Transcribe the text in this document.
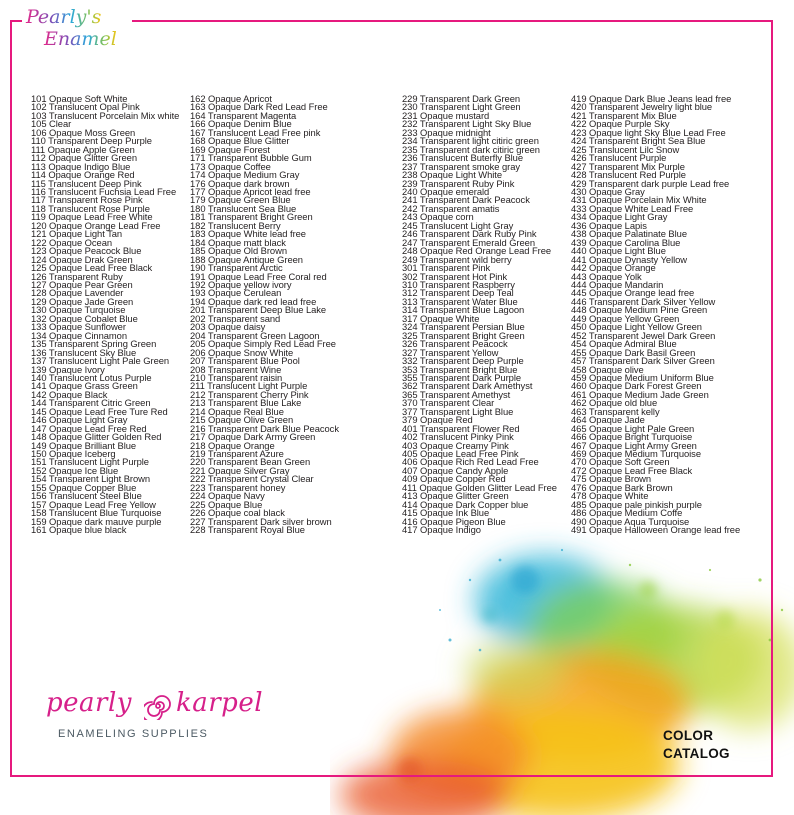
Pearly's
Enamel
101 Opaque Soft White
102 Translucent Opal Pink
103 Translucent Porcelain Mix white
105 Clear
106 Opaque Moss Green
110 Transparent Deep Purple
111 Opaque Apple Green
112 Opaque Glitter Green
113 Opaque Indigo Blue
114 Opaque Orange Red
115 Translucent Deep Pink
116 Translucent Fuchsia Lead Free
117 Transparent Rose Pink
118 Translucent Rose Purple
119 Opaque Lead Free White
120 Opaque Orange Lead Free
121 Opaque Light Tan
122 Opaque Ocean
123 Opaque Peacock Blue
124 Opaque Drak Green
125 Opaque Lead Free Black
126 Transparent Ruby
127 Opaque Pear Green
128 Opaque Lavender
129 Opaque Jade Green
130 Opaque Turquoise
132 Opaque Cobalet Blue
133 Opaque Sunflower
134 Opaque Cinnamon
135 Transparent Spring Green
136 Translucent Sky Blue
137 Translucent Light Pale Green
139 Opaque Ivory
140 Translucent Lotus Purple
141 Opaque Grass Green
142 Opaque Black
144 Transparent Citric Green
145 Opaque Lead Free Ture Red
146 Opaque Light Gray
147 Opaque Lead Free Red
148 Opaque Glitter Golden Red
149 Opaque Brilliant Blue
150 Opaque Iceberg
151 Translucent Light Purple
152 Opaque Ice Blue
154 Transparent Light Brown
155 Opaque Copper Blue
156 Translucent Steel Blue
157 Opaque Lead Free Yellow
158 Translucent Blue Turquoise
159 Opaque dark mauve purple
161 Opaque blue black
162 Opaque Apricot
163 Opaque Dark Red Lead Free
164 Transparent Magenta
166 Opaque Denim Blue
167 Translucent Lead Free pink
168 Opaque Blue Glitter
169 Opaque Forest
171 Transparent Bubble Gum
173 Opaque Coffee
174 Opaque Medium Gray
176 Opaque dark brown
177 Opaque Apricot lead free
179 Opaque Green Blue
180 Translucent Sea Blue
181 Transparent Bright Green
182 Translucent Berry
183 Opaque White lead free
184 Opaque matt black
185 Opaque Old Brown
188 Opaque Antique Green
190 Transparent Arctic
191 Opaque Lead Free Coral red
192 Opaque yellow ivory
193 Opaque Cerulean
194 Opaque dark red lead free
201 Transparent Deep Blue Lake
202 Transparent sand
203 Opaque daisy
204 Transparent Green Lagoon
205 Opaque Simply Red Lead Free
206 Opaque Snow White
207 Transparent Blue Pool
208 Transparent Wine
210 Transparent raisin
211 Translucent Light Purple
212 Transparent Cherry Pink
213 Transparent Blue Lake
214 Opaque Real Blue
215 Opaque Olive Green
216 Transparent Dark Blue Peacock
217 Opaque Dark Army Green
218 Opaque Orange
219 Transparent Azure
220 Transparent Bean Green
221 Opaque Silver Gray
222 Transparent Crystal Clear
223 Transparent honey
224 Opaque Navy
225 Opaque Blue
226 Opaque coal black
227 Transparent Dark silver brown
228 Transparent Royal Blue
229 Transparent Dark Green
230 Transparent Light Green
231 Opaque mustard
232 Transparent Light Sky Blue
233 Opaque midnight
234 Transparent light citiric green
235 Transparent dark citiric green
236 Translucent Buterfly Blue
237 Transparent smoke gray
238 Opaque Light White
239 Transparent Ruby Pink
240 Opaque emerald
241 Transparent Dark Peacock
242 Transparent amatis
243 Opaque corn
245 Translucent Light Gray
246 Transparent Dark Ruby Pink
247 Transparent Emerald Green
248 Opaque Red Orange Lead Free
249 Transparent wild berry
301 Transparent Pink
302 Transparent Hot Pink
310 Transparent Raspberry
312 Transparent Deep Teal
313 Transparent Water Blue
314 Transparent Blue Lagoon
317 Opaque White
324 Transparent Persian Blue
325 Transparent Bright Green
326 Transparent Peacock
327 Transparent Yellow
332 Transparent Deep Purple
353 Transparent Bright Blue
355 Transparent Dark Purple
362 Transparent Dark Amethyst
365 Transparent Amethyst
370 Transparent Clear
377 Transparent Light Blue
379 Opaque Red
401 Transparent Flower Red
402 Translucent Pinky Pink
403 Opaque Creamy Pink
405 Opaque Lead Free Pink
406 Opaque Rich Red Lead Free
407 Opaque Candy Apple
409 Opaque Copper Red
411 Opaque Golden Glitter Lead Free
413 Opaque Glitter Green
414 Opaque Dark Copper blue
415 Opaque Ink Blue
416 Opaque Pigeon Blue
417 Opaque Indigo
419 Opaque Dark Blue Jeans lead free
420 Transparent Jewelry light blue
421 Transparent Mix Blue
422 Opaque Purple Sky
423 Opaque light Sky Blue Lead Free
424 Transparent Bright Sea Blue
425 Translucent Lilc Snow
426 Translucent Purple
427 Transparent Mix Purple
428 Translucent Red Purple
429 Transparent dark purple Lead free
430 Opaque Gray
431 Opaque Porcelain Mix White
433 Opaque White Lead Free
434 Opaque Light Gray
436 Opaque Lapis
438 Opaque Palatinate Blue
439 Opaque Carolina Blue
440 Opaque Light Blue
441 Opaque Dynasty Yellow
442 Opaque Orange
443 Opaque Yolk
444 Opaque Mandarin
445 Opaque Orange lead free
446 Transparent Dark Silver Yellow
448 Opaque Medium Pine Green
449 Opaque Yellow Green
450 Opaque Light Yellow Green
452 Transparent Jewel Dark Green
454 Opaque Admiral Blue
455 Opaque Dark Basil Green
457 Transparent Dark Silver Green
458 Opaque olive
459 Opaque Medium Uniform Blue
460 Opaque Dark Forest Green
461 Opaque Medium Jade Green
462 Opaque old blue
463 Transparent kelly
464 Opaque Jade
465 Opaque Light Pale Green
466 Opaque Bright Turquoise
467 Opaque Light Army Green
469 Opaque Medium Turquoise
470 Opaque Soft Green
472 Opaque Lead Free Black
475 Opaque Brown
476 Opaque Bark Brown
478 Opaque White
485 Opaque pale pinkish purple
486 Opaque Medium Coffe
490 Opaque Aqua Turquoise
491 Opaque Halloween Orange lead free
pearly karpel
ENAMELING SUPPLIES	COLOR
CATALOG
